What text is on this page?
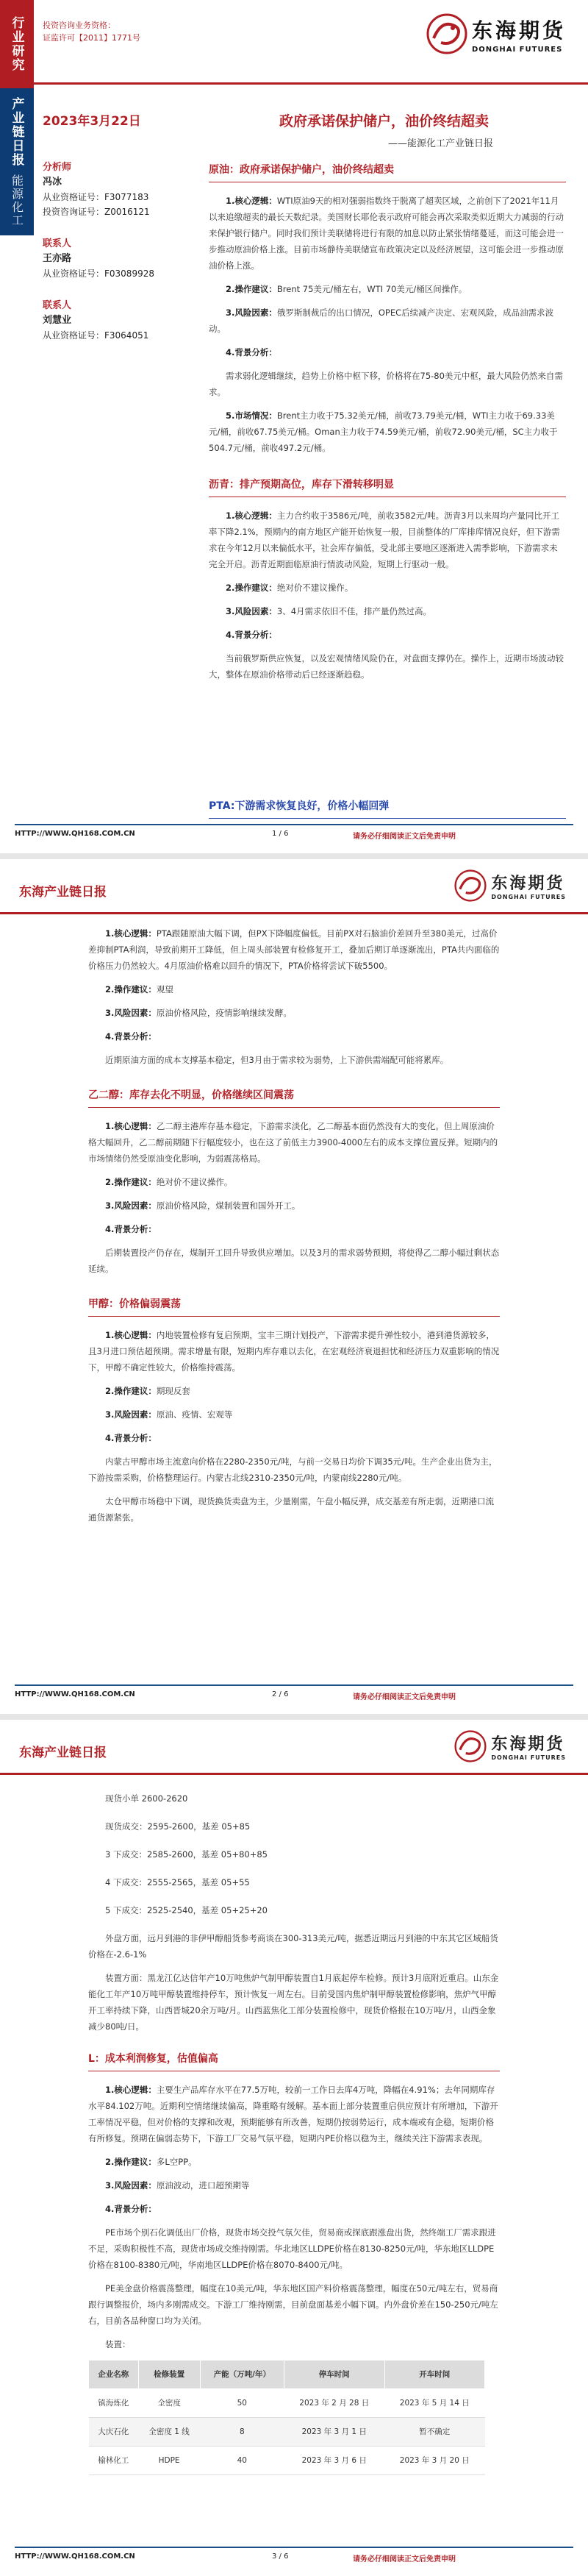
行业研究
产业链日报
能源化工
投资咨询业务资格：
证监许可【2011】1771号	东海期货
DONGHAI FUTURES
2023年3月22日	政府承诺保护储户，油价终结超卖
——能源化工产业链日报
分析师
冯冰
从业资格证号：F3077183
投资咨询证号：Z0016121
联系人
王亦路
从业资格证号：F03089928
联系人
刘慧业
从业资格证号：F3064051
原油：政府承诺保护储户，油价终结超卖
1.核心逻辑：WTI原油9天的相对强弱指数终于脱离了超卖区域，之前创下了2021年11月以来追缴超卖的最长天数纪录。美国财长耶伦表示政府可能会再次采取类似近期大力减弱的行动来保护银行储户。同时我们预计美联储将进行有限的加息以防止紧张情绪蔓延，而这可能会进一步推动原油价格上涨。目前市场静待美联储宣布政策决定以及经济展望，这可能会进一步推动原油价格上涨。
2.操作建议：Brent 75美元/桶左右，WTI 70美元/桶区间操作。
3.风险因素：俄罗斯制裁后的出口情况，OPEC后续减产决定、宏观风险，成品油需求波动。
4.背景分析：
需求弱化逻辑继续，趋势上价格中枢下移，价格将在75-80美元中枢，最大风险仍然来自需求。
5.市场情况：Brent主力收于75.32美元/桶，前收73.79美元/桶，WTI主力收于69.33美元/桶，前收67.75美元/桶。Oman主力收于74.59美元/桶，前收72.90美元/桶，SC主力收于504.7元/桶，前收497.2元/桶。
沥青：排产预期高位，库存下滑转移明显
1.核心逻辑：主力合约收于3586元/吨，前收3582元/吨。沥青3月以来周均产量同比开工率下降2.1%，预期内的南方地区产能开始恢复一般，目前整体的厂库排库情况良好，但下游需求在今年12月以来偏低水平，社会库存偏低，受北部主要地区逐渐进入需季影响，下游需求未完全开启。沥青近期面临原油行情波动风险，短期上行驱动一般。
2.操作建议：绝对价不建议操作。
3.风险因素：3、4月需求依旧不佳，排产量仍然过高。
4.背景分析：
当前俄罗斯供应恢复，以及宏观情绪风险仍在，对盘面支撑仍在。操作上，近期市场波动较大，整体在原油价格带动后已经逐渐趋稳。
PTA:下游需求恢复良好，价格小幅回弹
HTTP://WWW.QH168.COM.CN	1 / 6	请务必仔细阅读正文后免责申明
东海产业链日报	东海期货
DONGHAI FUTURES
1.核心逻辑：PTA跟随原油大幅下调，但PX下降幅度偏低。目前PX对石脑油价差回升至380美元，过高价差抑制PTA利润，导致前期开工降低，但上周头部装置有检修复开工，叠加后期订单逐渐流出，PTA共内面临的价格压力仍然较大。4月原油价格难以回升的情况下，PTA价格将尝试下破5500。
2.操作建议：观望
3.风险因素：原油价格风险，疫情影响继续发酵。
4.背景分析：
近期原油方面的成本支撑基本稳定，但3月由于需求较为弱势，上下游供需端配可能将累库。
乙二醇：库存去化不明显，价格继续区间震荡
1.核心逻辑：乙二醇主港库存基本稳定，下游需求淡化，乙二醇基本面仍然没有大的变化。但上周原油价格大幅回升，乙二醇前期随下行幅度较小，也在这了前低主力3900-4000左右的成本支撑位置反弹。短期内的市场情绪仍然受原油变化影响，为弱震荡格局。
2.操作建议：绝对价不建议操作。
3.风险因素：原油价格风险，煤制装置和国外开工。
4.背景分析：
后期装置投产仍存在，煤制开工回升导致供应增加。以及3月的需求弱势预期，将使得乙二醇小幅过剩状态延续。
甲醇：价格偏弱震荡
1.核心逻辑：内地装置检修有复启预期，宝丰三期计划投产，下游需求提升弹性较小，港到港货源较多，且3月进口预估超预期。需求增量有限，短期内库存难以去化，在宏观经济衰退担忧和经济压力双重影响的情况下，甲醇不确定性较大，价格维持震荡。
2.操作建议：期现反套
3.风险因素：原油、疫情、宏观等
4.背景分析：
内蒙古甲醇市场主流意向价格在2280-2350元/吨，与前一交易日均价下调35元/吨。生产企业出货为主，下游按需采购，价格整理运行。内蒙古北线2310-2350元/吨，内蒙南线2280元/吨。
太仓甲醇市场稳中下调，现货换货卖盘为主，少量刚需，午盘小幅反弹，成交基差有所走弱，近期港口流通货源紧张。
HTTP://WWW.QH168.COM.CN	2 / 6	请务必仔细阅读正文后免责申明
东海产业链日报	东海期货
DONGHAI FUTURES
现货小单 2600-2620
现货成交：2595-2600，基差 05+85
3 下成交：2585-2600，基差 05+80+85
4 下成交：2555-2565，基差 05+55
5 下成交：2525-2540，基差 05+25+20
外盘方面，远月到港的非伊甲醇船货参考商谈在300-313美元/吨，据悉近期远月到港的中东其它区域船货价格在-2.6-1%
装置方面：黑龙江亿达信年产10万吨焦炉气制甲醇装置自1月底起停车检修。预计3月底附近重启。山东金能化工年产10万吨甲醇装置维持停车，预计恢复一周左右。目前受国内焦炉制甲醇装置检修影响，焦炉气甲醇开工率持续下降，山西晋城20余万吨/月。山西蓝焦化工部分装置检修中，现货价格报在10万吨/月，山西金象减少80吨/日。
L：成本利润修复，估值偏高
1.核心逻辑：主要生产品库存水平在77.5万吨，较前一工作日去库4万吨，降幅在4.91%；去年同期库存水平84.102万吨。近期利空情绪继续偏高，降重略有缓解。基本面上部分装置重启供应预计有所增加，下游开工率情况平稳，但对价格的支撑和改观，预期能够有所改善，短期仍按弱势运行，成本端或有企稳，短期价格有所修复。预期在偏弱态势下，下游工厂交易气氛平稳，短期内PE价格以稳为主，继续关注下游需求表现。
2.操作建议：多L空PP。
3.风险因素：原油波动，进口超预期等
4.背景分析：
PE市场个别石化调低出厂价格，现货市场交投气氛欠佳，贸易商或探底跟涨盘出货，然终端工厂需求跟进不足，采购积极性不高，现货市场成交维持刚需。华北地区LLDPE价格在8130-8250元/吨，华东地区LLDPE价格在8100-8380元/吨，华南地区LLDPE价格在8070-8400元/吨。
PE美金盘价格震荡整理，幅度在10美元/吨，华东地区国产料价格震荡整理，幅度在50元/吨左右，贸易商跟行调整报价，场内多刚需成交。下游工厂维持刚需，目前盘面基差小幅下调。内外盘价差在150-250元/吨左右，目前各品种窗口均为关闭。
装置：
企业名称	检修装置	产能（万吨/年）	停车时间	开车时间
镇海炼化	全密度	50	2023 年 2 月 28 日	2023 年 5 月 14 日
大庆石化	全密度 1 线	8	2023 年 3 月 1 日	暂不确定
榆林化工	HDPE	40	2023 年 3 月 6 日	2023 年 3 月 20 日
HTTP://WWW.QH168.COM.CN	3 / 6	请务必仔细阅读正文后免责申明
